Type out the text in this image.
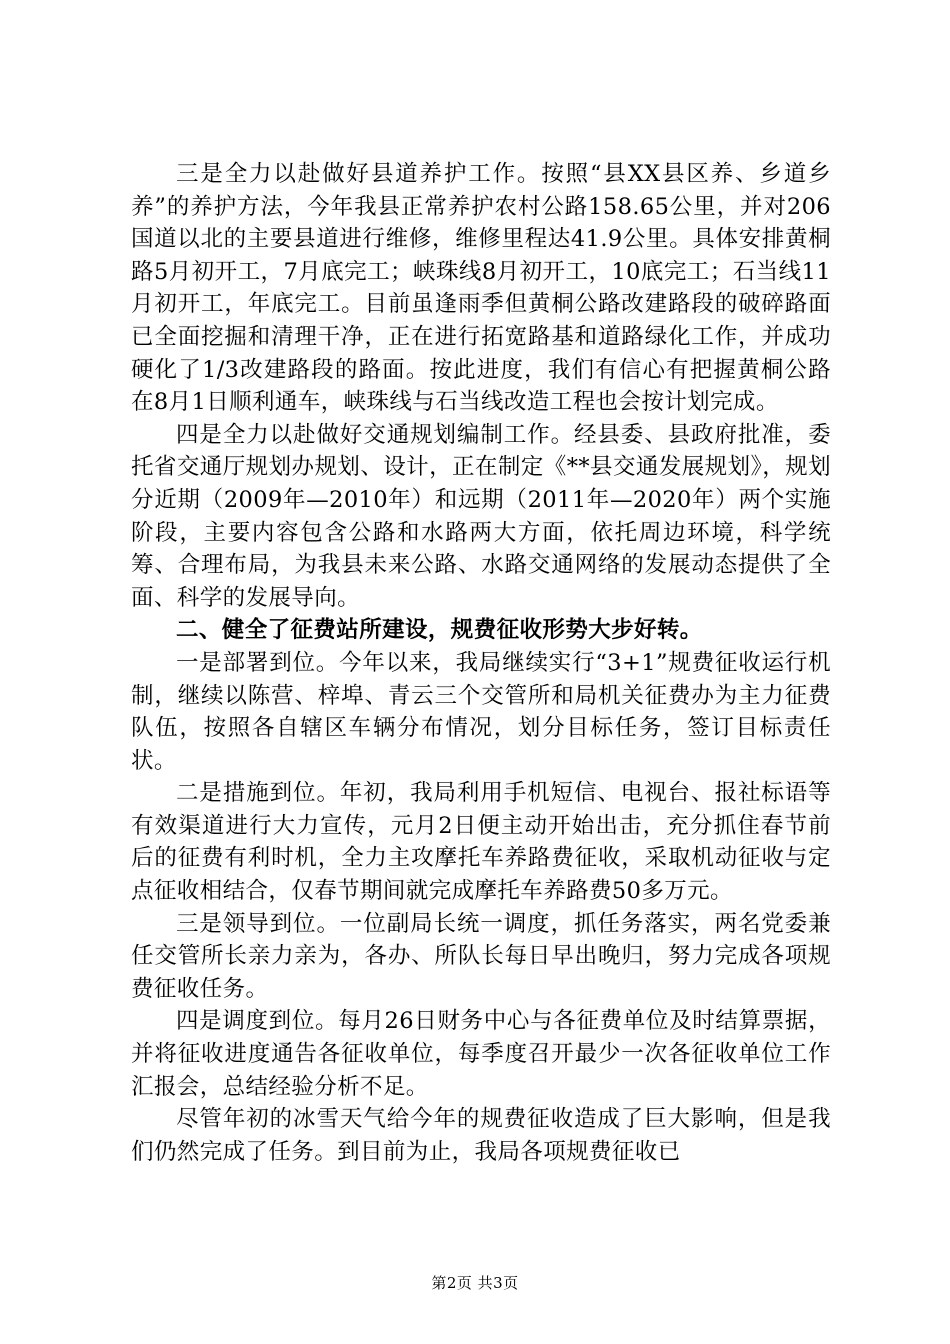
三是全力以赴做好县道养护工作。按照“县XX县区养、乡道乡养”的养护方法，今年我县正常养护农村公路158.65公里，并对206国道以北的主要县道进行维修，维修里程达41.9公里。具体安排黄桐路5月初开工，7月底完工；峡珠线8月初开工，10底完工；石当线11月初开工，年底完工。目前虽逢雨季但黄桐公路改建路段的破碎路面已全面挖掘和清理干净，正在进行拓宽路基和道路绿化工作，并成功硬化了1/3改建路段的路面。按此进度，我们有信心有把握黄桐公路在8月1日顺利通车，峡珠线与石当线改造工程也会按计划完成。

四是全力以赴做好交通规划编制工作。经县委、县政府批准，委托省交通厅规划办规划、设计，正在制定《**县交通发展规划》，规划分近期（2009年—2010年）和远期（2011年—2020年）两个实施阶段，主要内容包含公路和水路两大方面，依托周边环境，科学统筹、合理布局，为我县未来公路、水路交通网络的发展动态提供了全面、科学的发展导向。

二、健全了征费站所建设，规费征收形势大步好转。

一是部署到位。今年以来，我局继续实行“3+1”规费征收运行机制，继续以陈营、梓埠、青云三个交管所和局机关征费办为主力征费队伍，按照各自辖区车辆分布情况，划分目标任务，签订目标责任状。

二是措施到位。年初，我局利用手机短信、电视台、报社标语等有效渠道进行大力宣传，元月2日便主动开始出击，充分抓住春节前后的征费有利时机，全力主攻摩托车养路费征收，采取机动征收与定点征收相结合，仅春节期间就完成摩托车养路费50多万元。

三是领导到位。一位副局长统一调度，抓任务落实，两名党委兼任交管所长亲力亲为，各办、所队长每日早出晚归，努力完成各项规费征收任务。

四是调度到位。每月26日财务中心与各征费单位及时结算票据，并将征收进度通告各征收单位，每季度召开最少一次各征收单位工作汇报会，总结经验分析不足。

尽管年初的冰雪天气给今年的规费征收造成了巨大影响，但是我们仍然完成了任务。到目前为止，我局各项规费征收已

第2页 共3页
